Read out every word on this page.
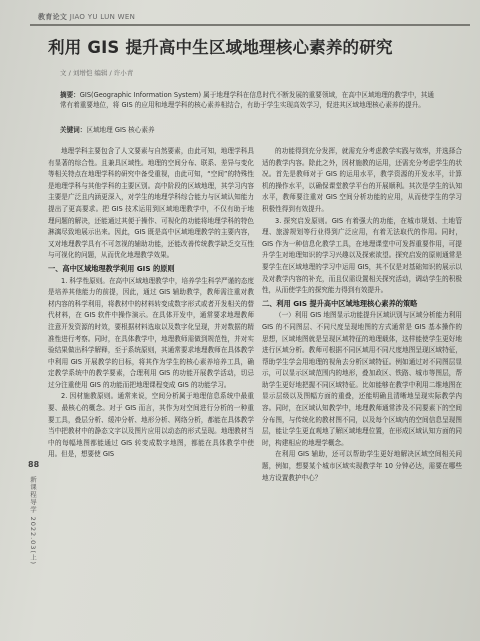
教育论文 JIAO YU LUN WEN
利用 GIS 提升高中生区域地理核心素养的研究
文 / 刘增恺 编辑 / 许小青
摘要：GIS(Geographic Information System) 属于地理学科在信息时代不断发展的重要领域，在高中区域地理的教学中，其通常有着重要地位，将 GIS 的应用和地理学科的核心素养相结合，有助于学生实现高效学习，促进其区域地理核心素养的提升。
关键词：区域地理 GIS 核心素养

地理学科主要包含了人文要素与自然要素，由此可知，地理学科具有显著的综合性。且兼具区域性。地理的空间分布、联系、差异与变化等相关特点在地理学科的研究中备受重视，由此可知，“空间”的特殊性是地理学科与其他学科的主要区别。高中阶段的区域地理，其学习内容主要是广泛且内涵更深入，对学生的地理学科综合能力与区域认知能力提出了更高要求。把 GIS 技术运用到区域地理教学中，不仅有助于地理问题的解决，还能通过其便于操作、可视化的功能将地理学科的特色淋漓尽致地展示出来。因此，GIS 既是高中区域地理教学的主要内容，又对地理教学具有不可忽视的辅助功能，还能改善传统教学缺乏交互性与可视化的问题，从而优化地理教学效果。

一、高中区域地理教学利用 GIS 的原则

1. 科学性原则。在高中区域地理教学中，培养学生科学严谨的态度是培养其他能力的前提，因此，通过 GIS 辅助教学，教师需注重对教材内容的科学利用，将教材中的材料转变成数字形式或者开发相关的替代材料，在 GIS 软件中操作演示。在具体开发中，通常要求地理教师注意开发资源的时效，要根据材料选取以及数字化呈现，并对数据的精准性进行考察。同时，在具体教学中，地理教师需做到规范性，并对实验结果做出科学解释，至于系统原则，其通常要求地理教师在具体教学中利用 GIS 开展教学的目标，将其作为学生的核心素养培养工具，确定教学系统中的教学要素，合理利用 GIS 的功能开展教学活动，切忌过分注重使用 GIS 的功能而把地理课程变成 GIS 的功能学习。

2. 因材施教原则。通常来说，空间分析属于地理信息系统中最重要、最核心的概念。对于 GIS 而言，其作为对空间进行分析的一种重要工具，叠层分析、缓冲分析、地形分析、网络分析，都能在具体教学当中把教材中的静态文字以及图片应用以动态的形式呈现。地理教材当中的每幅地图都能通过 GIS 转变成数字地图，都能在具体教学中使用。但是，想要使 GIS

的功能得到充分发挥，就需充分考虑教学实践与效率，并选择合适的教学内容。除此之外，因材施教的运用，还需充分考虑学生的状况。首先是教师对于 GIS 的运用水平，教学资源的开发水平，计算机的操作水平，以确保课堂教学平台的开展顺利。其次是学生的认知水平，教师要注重对 GIS 空间分析功能的应用，从而使学生的学习积极性得到有效提升。

3. 探究启发原则。GIS 有着强大的功能，在城市规划、土地管理、旅游规划等行业得到广泛应用，有着无法取代的作用。同时，GIS 作为一种信息化教学工具，在地理课堂中可发挥重要作用，可提升学生对地理知识的学习兴趣以及探索欲望。探究启发的原则通常是要学生在区域地理的学习中运用 GIS，其不仅是对基础知识的展示以及对教学内容的补充，而且仅需设置相关探究活动，调动学生的积极性，从而使学生的探究能力得到有效提升。

二、利用 GIS 提升高中区域地理核心素养的策略

（一）利用 GIS 地图显示功能提升区域识别与区域分析能力利用 GIS 的不同图层、不同尺度呈现地图的方式通常是 GIS 基本操作的思想，区域地图就是呈现区域特征的地理载体，这样能使学生更好地进行区域分析。教师可根据不同区域用不同尺度地图呈现区域特征，帮助学生学会用地理的视角去分析区域特征。例如通过对不同图层显示，可以显示区域范围内的地形，叠加政区、铁路、城市等图层，帮助学生更好地把握不同区域特征。比如能够在教学中利用二维地图在显示层级以及图幅方面的重叠，还能明确且清晰地呈现实际教学内容。同时，在区域认知教学中，地理教师通常涉及不同要素下的空间分布图，与传统化的教材图不同，以及每个区域内的空间信息呈现图层，能让学生更直观地了解区域地理位置，在形成区域认知方面的同时，构建相应的地理学概念。

在利用 GIS 辅助，还可以帮助学生更好地解决区域空间相关问题，例如，想要某个城市区域实现教学年 10 分钟必达，需要在哪些地方设置教护中心？

88
新课程导学 2022.03(上)
